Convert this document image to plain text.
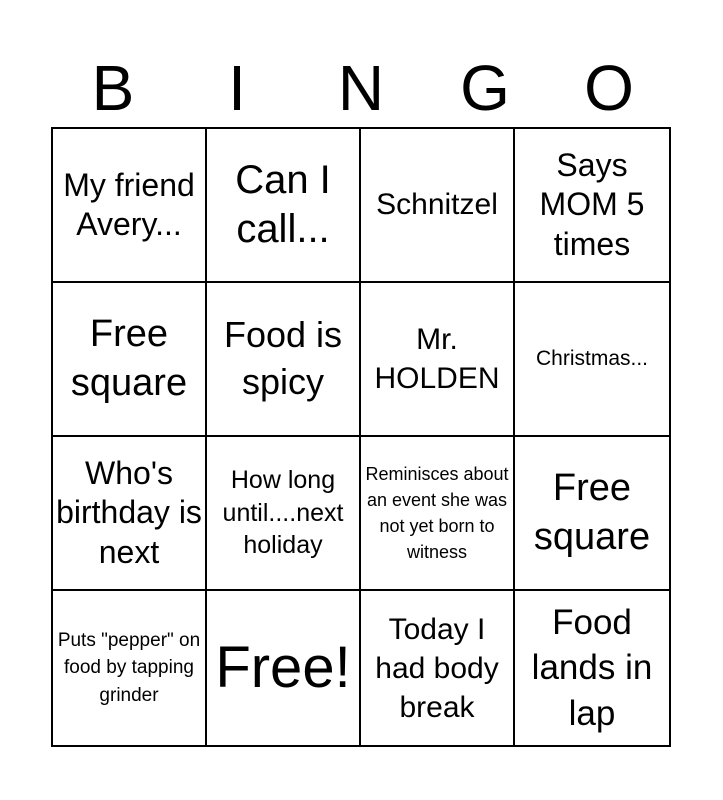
B	I	N	G	O
My friend Avery...
Can I call...
Schnitzel
Says MOM 5 times
Free square
Food is spicy
Mr. HOLDEN
Christmas...
Who's birthday is next
How long until....next holiday
Reminisces about an event she was not yet born to witness
Free square
Puts "pepper" on food by tapping grinder Free!
Today I had body break
Food lands in lap
